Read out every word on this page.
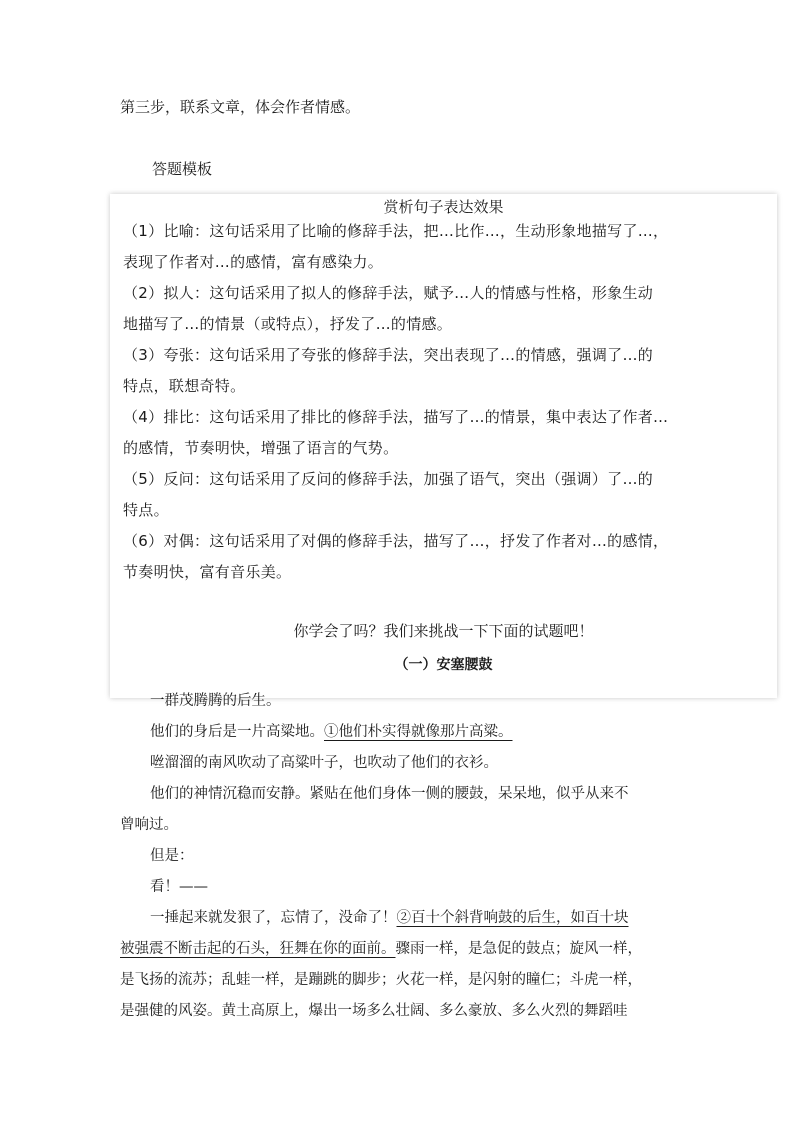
第三步，联系文章，体会作者情感。
答题模板
赏析句子表达效果
（1）比喻：这句话采用了比喻的修辞手法，把…比作…，生动形象地描写了…，
表现了作者对…的感情，富有感染力。
（2）拟人：这句话采用了拟人的修辞手法，赋予…人的情感与性格，形象生动
地描写了…的情景（或特点），抒发了…的情感。
（3）夸张：这句话采用了夸张的修辞手法，突出表现了…的情感，强调了…的
特点，联想奇特。
（4）排比：这句话采用了排比的修辞手法，描写了…的情景，集中表达了作者…
的感情，节奏明快，增强了语言的气势。
（5）反问：这句话采用了反问的修辞手法，加强了语气，突出（强调）了…的
特点。
（6）对偶：这句话采用了对偶的修辞手法，描写了…，抒发了作者对…的感情，
节奏明快，富有音乐美。
你学会了吗？我们来挑战一下下面的试题吧！
（一）安塞腰鼓

一群茂腾腾的后生。

他们的身后是一片高粱地。①他们朴实得就像那片高粱。

咝溜溜的南风吹动了高粱叶子，也吹动了他们的衣衫。

他们的神情沉稳而安静。紧贴在他们身体一侧的腰鼓，呆呆地，似乎从来不

曾响过。

但是：

看！——

一捶起来就发狠了，忘情了，没命了！②百十个斜背响鼓的后生，如百十块

被强震不断击起的石头，狂舞在你的面前。骤雨一样，是急促的鼓点；旋风一样，

是飞扬的流苏；乱蛙一样，是蹦跳的脚步；火花一样，是闪射的瞳仁；斗虎一样，

是强健的风姿。黄土高原上，爆出一场多么壮阔、多么豪放、多么火烈的舞蹈哇
